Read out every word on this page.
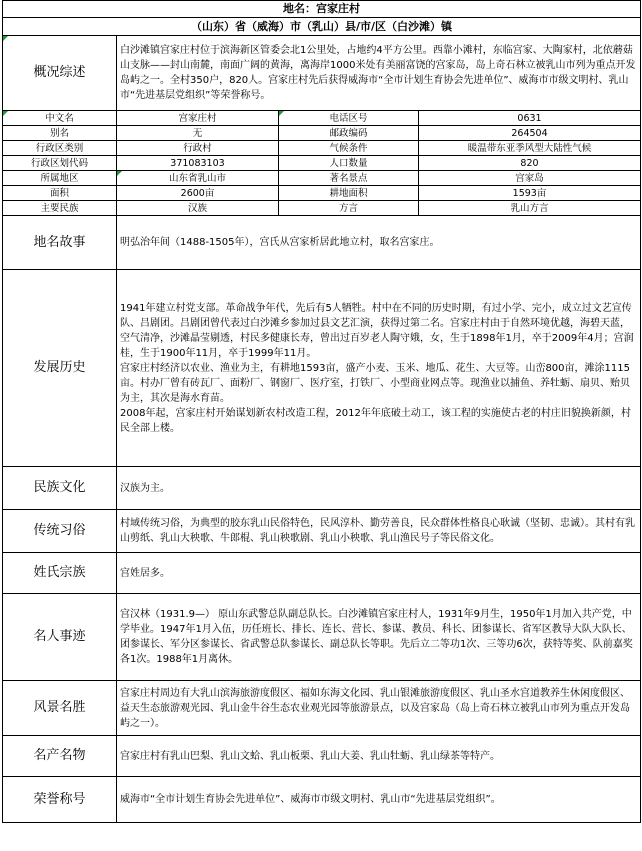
地名：宫家庄村			
（山东）省（威海）市（乳山）县/市/区（白沙滩）镇			
概况综述	白沙滩镇宫家庄村位于滨海新区管委会北1公里处，占地约4平方公里。西靠小滩村，东临宫家、大陶家村，北依蘑菇山支脉——封山南麓，南面广阔的黄海，离海岸1000米处有美丽富饶的宫家岛，岛上奇石林立被乳山市列为重点开发岛屿之一。全村350户，820人。宫家庄村先后获得威海市“全市计划生育协会先进单位”、威海市市级文明村、乳山市“先进基层党组织”等荣誉称号。		
中文名	宫家庄村	电话区号	0631
别名	无	邮政编码	264504
行政区类别	行政村	气候条件	暖温带东亚季风型大陆性气候
行政区划代码	371083103	人口数量	820
所属地区	山东省乳山市	著名景点	宫家岛
面积	2600亩	耕地面积	1593亩
主要民族	汉族	方言	乳山方言
地名故事	明弘治年间（1488-1505年），宫氏从宫家析居此地立村，取名宫家庄。		
发展历史	1941年建立村党支部。革命战争年代，先后有5人牺牲。村中在不同的历史时期，有过小学、完小，成立过文艺宣传队、吕剧团。吕剧团曾代表过白沙滩乡参加过县文艺汇演，获得过第二名。宫家庄村由于自然环境优越，海碧天蓝，空气清净，沙滩晶莹剔透，村民多健康长寿，曾出过百岁老人陶守娥，女，生于1898年1月，卒于2009年4月；宫润桂，生于1900年11月，卒于1999年11月。
宫家庄村经济以农业、渔业为主，有耕地1593亩，盛产小麦、玉米、地瓜、花生、大豆等。山峦800亩，滩涂1115亩。村办厂曾有砖瓦厂、面粉厂、钢窗厂、医疗室，打铁厂、小型商业网点等。现渔业以捕鱼、养牡蛎、扇贝、贻贝为主，其次是海水育苗。
2008年起，宫家庄村开始谋划新农村改造工程，2012年年底破土动工，该工程的实施使古老的村庄旧貌换新颜，村民全部上楼。		

民族文化	汉族为主。		
传统习俗	村域传统习俗，为典型的胶东乳山民俗特色，民风淳朴、勤劳善良，民众群体性格良心耿诚（坚韧、忠诚）。其村有乳山剪纸、乳山大秧歌、牛郎棍、乳山秧歌剧、乳山小秧歌、乳山渔民号子等民俗文化。		
姓氏宗族	宫姓居多。		
名人事迹	宫汉林（1931.9—） 原山东武警总队副总队长。白沙滩镇宫家庄村人，1931年9月生，1950年1月加入共产党，中学毕业。1947年1月入伍，历任班长、排长、连长、营长、参谋、教员、科长、团参谋长、省军区教导大队大队长、团参谋长、军分区参谋长、省武警总队参谋长、副总队长等职。先后立二等功1次、三等功6次，获特等奖、队前嘉奖各1次。1988年1月离休。		
风景名胜	宫家庄村周边有大乳山滨海旅游度假区、福如东海文化园、乳山银滩旅游度假区、乳山圣水宫道教养生休闲度假区、益天生态旅游观光园、乳山金牛谷生态农业观光园等旅游景点，以及宫家岛（岛上奇石林立被乳山市列为重点开发岛屿之一）。		
名产名物	宫家庄村有乳山巴梨、乳山文蛤、乳山板栗、乳山大姜、乳山牡蛎、乳山绿茶等特产。		
荣誉称号	威海市“全市计划生育协会先进单位”、威海市市级文明村、乳山市“先进基层党组织”。		
